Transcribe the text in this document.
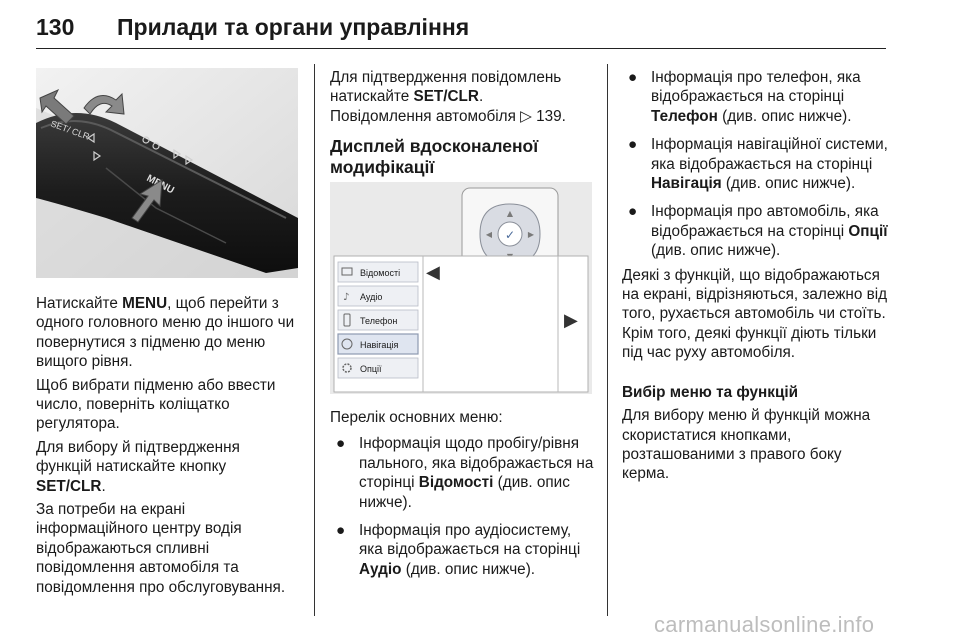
130 Прилади та органи управління
SET/ CLR

Натискайте MENU, щоб перейти з одного головного меню до іншого чи повернутися з підменю до меню вищого рівня.

Щоб вибрати підменю або ввести число, поверніть коліщатко регулятора.

Для вибору й підтвердження функцій натискайте кнопку
SET/CLR.

За потреби на екрані інформаційного центру водія відображаються спливні повідомлення автомобіля та повідомлення про обслуговування.

Для підтвердження повідомлень натискайте SET/CLR.
Повідомлення автомобіля ▷ 139.

Дисплей вдосконаленої модифікації

✓
▲
◀	▶
Відомості
♪ Аудіо
Телефон
Навігація
Опції
◀
▶

Перелік основних меню:

● Інформація щодо пробігу/рівня пального, яка відображається на сторінці Відомості (див. опис нижче).
● Інформація про аудіосистему, яка відображається на сторінці Аудіо (див. опис нижче).
● Інформація про телефон, яка відображається на сторінці Телефон (див. опис нижче).
● Інформація навігаційної системи, яка відображається на сторінці Навігація (див. опис нижче).
● Інформація про автомобіль, яка відображається на сторінці Опції (див. опис нижче).

Деякі з функцій, що відображаються на екрані, відрізняються, залежно від того, рухається автомобіль чи стоїть. Крім того, деякі функції діють тільки під час руху автомобіля.

Вибір меню та функцій

Для вибору меню й функцій можна скористатися кнопками, розташованими з правого боку керма.

carmanualsonline.info
